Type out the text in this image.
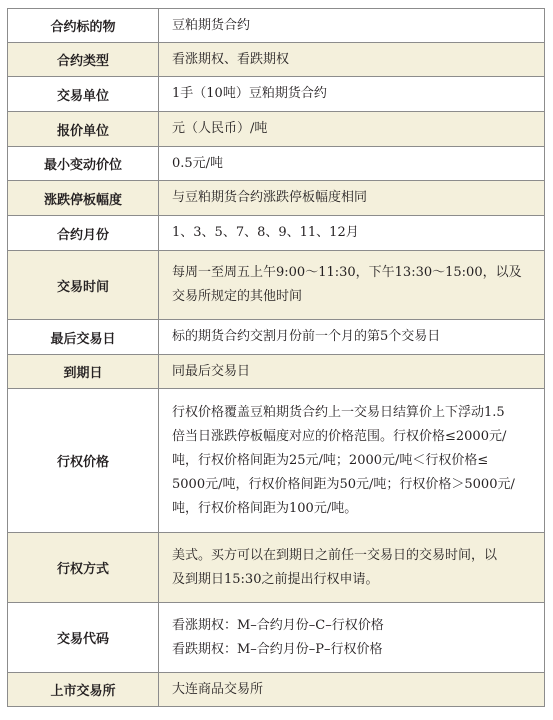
合约标的物	豆粕期货合约

合约类型	看涨期权、看跌期权

交易单位	1手（10吨）豆粕期货合约

报价单位	元（人民币）/吨

最小变动价位	0.5元/吨

涨跌停板幅度	与豆粕期货合约涨跌停板幅度相同

合约月份	1、3、5、7、8、9、11、12月

交易时间	每周一至周五上午9:00～11:30，下午13:30～15:00，以及
交易所规定的其他时间

最后交易日	标的期货合约交割月份前一个月的第5个交易日

到期日	同最后交易日

行权价格	行权价格覆盖豆粕期货合约上一交易日结算价上下浮动1.5
倍当日涨跌停板幅度对应的价格范围。行权价格≤2000元/
吨，行权价格间距为25元/吨；2000元/吨＜行权价格≤
5000元/吨，行权价格间距为50元/吨；行权价格＞5000元/
吨，行权价格间距为100元/吨。

行权方式	美式。买方可以在到期日之前任一交易日的交易时间，以
及到期日15:30之前提出行权申请。

交易代码	看涨期权：M–合约月份–C–行权价格
看跌期权：M–合约月份–P–行权价格

上市交易所	大连商品交易所
